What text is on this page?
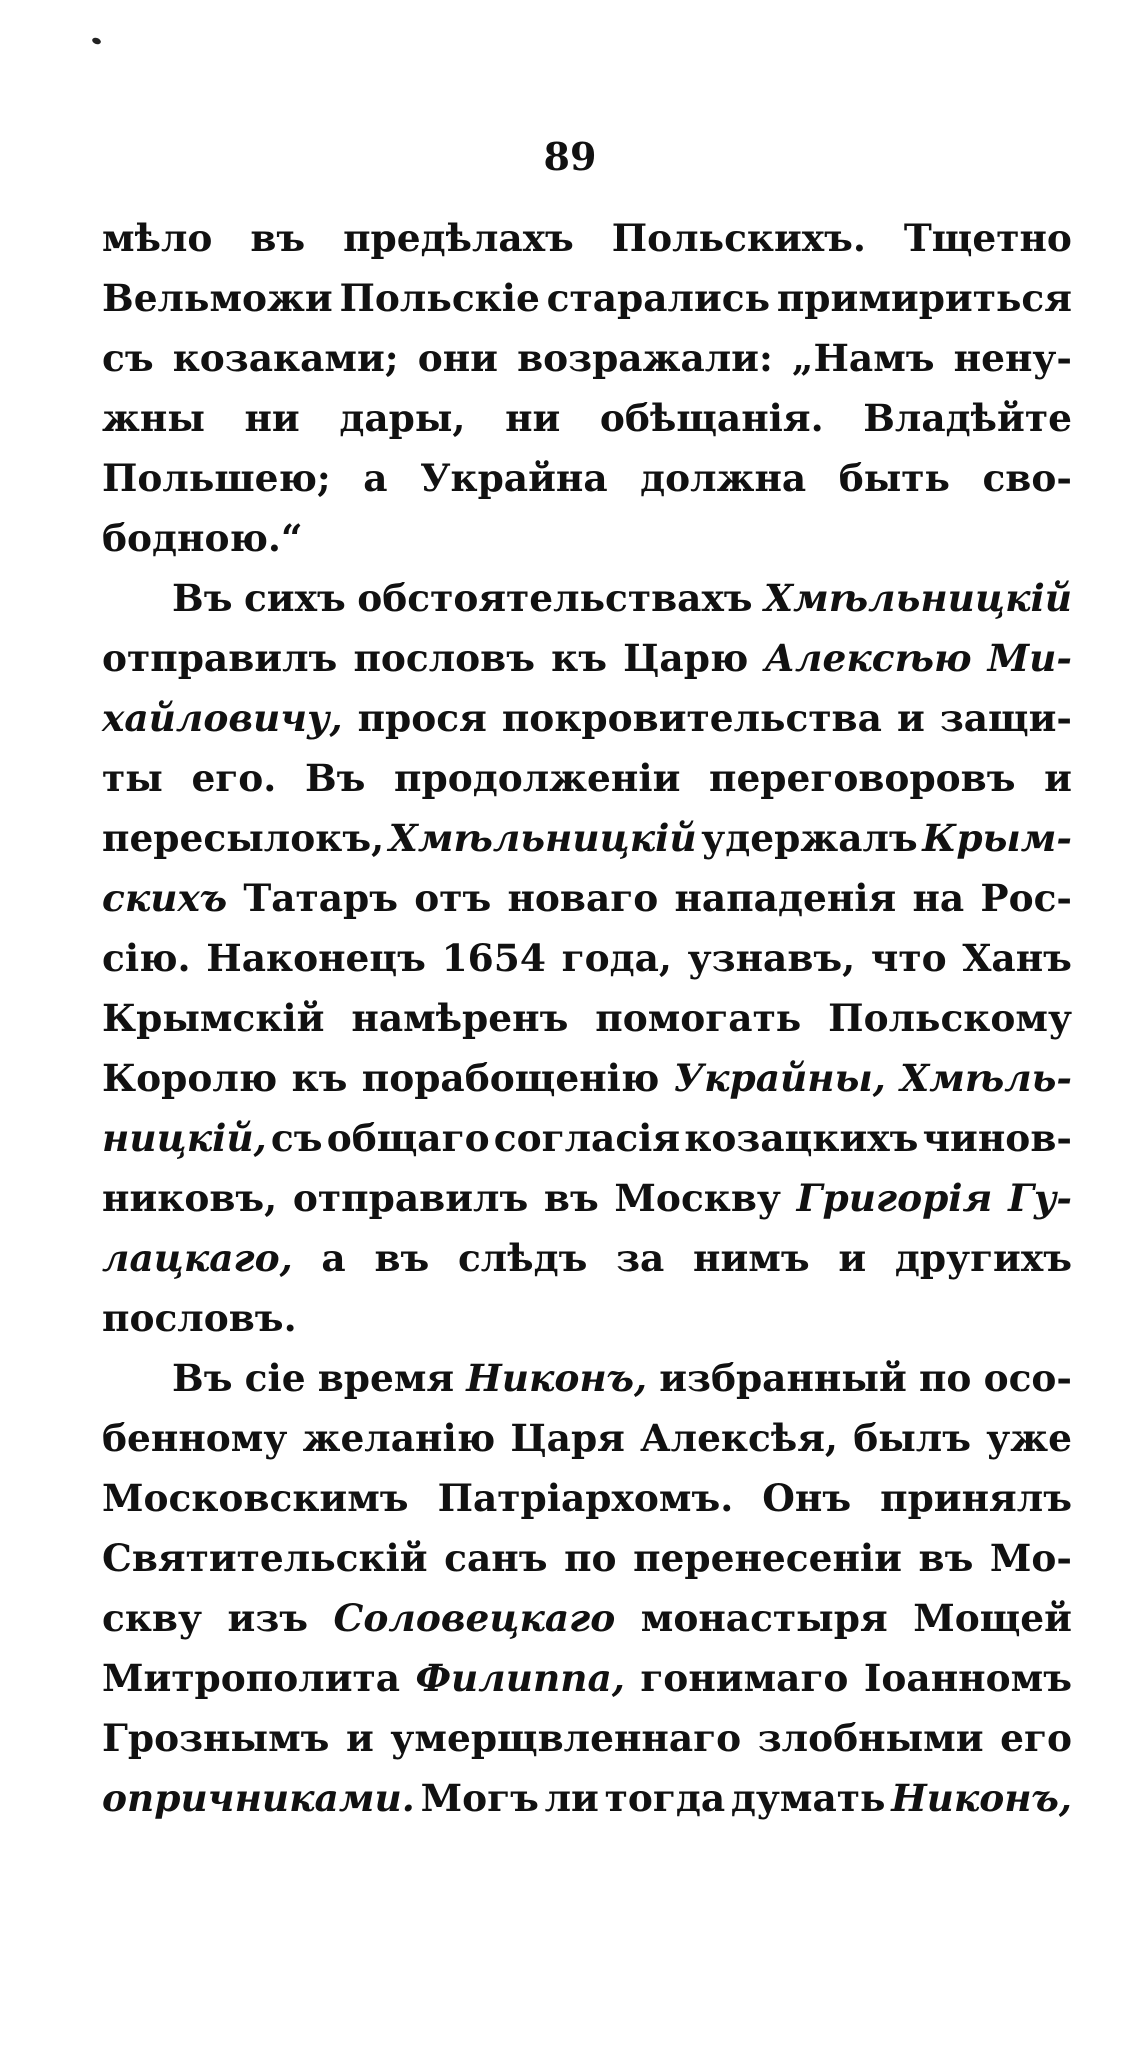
89
мѣло въ предѣлахъ Польскихъ. Тщетно
Вельможи Польскіе старались примириться
съ козаками; они возражали: „Намъ нену-
жны ни дары, ни обѣщанія. Владѣйте
Польшею; а Украйна должна быть сво-
бодною.“
Въ сихъ обстоятельствахъ Хмѣльницкій
отправилъ пословъ къ Царю Алексѣю Ми-
хайловичу, прося покровительства и защи-
ты его. Въ продолженіи переговоровъ и
пересылокъ, Хмѣльницкій удержалъ Крым-
скихъ Татаръ отъ новаго нападенія на Рос-
сію. Наконецъ 1654 года, узнавъ, что Ханъ
Крымскій намѣренъ помогать Польскому
Королю къ порабощенію Украйны, Хмѣль-
ницкій, съ общаго согласія козацкихъ чинов-
никовъ, отправилъ въ Москву Григорія Гу-
лацкаго, а въ слѣдъ за нимъ и другихъ
пословъ.
Въ сіе время Никонъ, избранный по осо-
бенному желанію Царя Алексѣя, былъ уже
Московскимъ Патріархомъ. Онъ принялъ
Святительскій санъ по перенесеніи въ Мо-
скву изъ Соловецкаго монастыря Мощей
Митрополита Филиппа, гонимаго Іоанномъ
Грознымъ и умерщвленнаго злобными его
опричниками. Могъ ли тогда думать Никонъ,
